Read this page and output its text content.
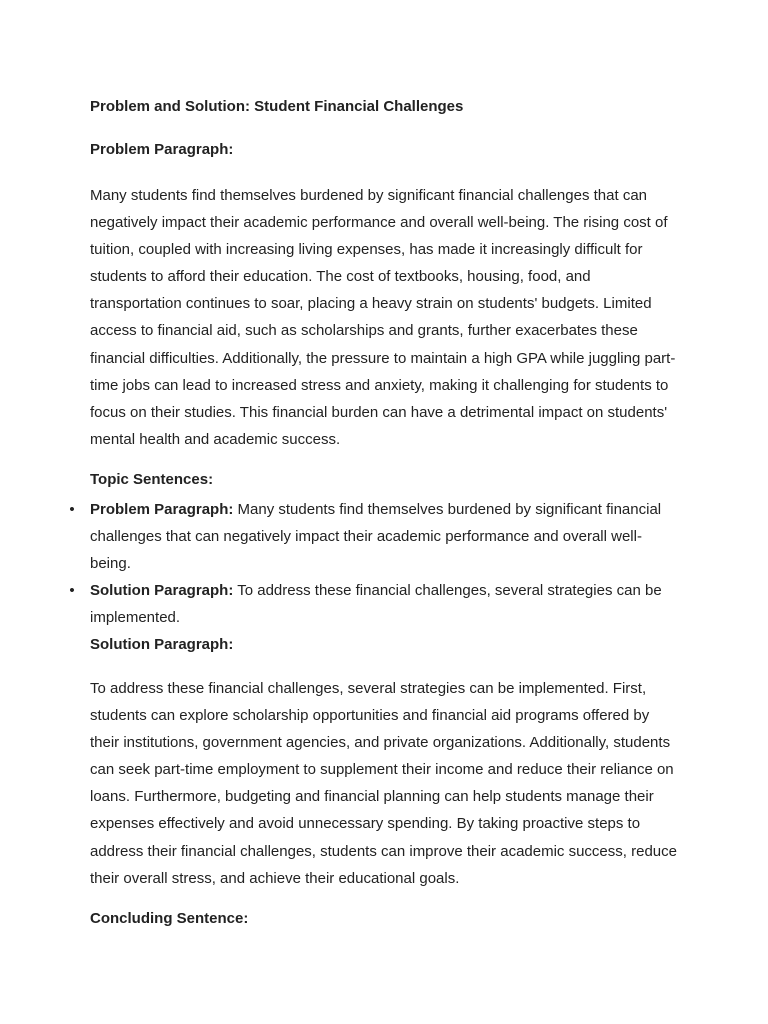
Problem and Solution: Student Financial Challenges
Problem Paragraph:

Many students find themselves burdened by significant financial challenges that can negatively impact their academic performance and overall well-being. The rising cost of tuition, coupled with increasing living expenses, has made it increasingly difficult for students to afford their education. The cost of textbooks, housing, food, and transportation continues to soar, placing a heavy strain on students' budgets. Limited access to financial aid, such as scholarships and grants, further exacerbates these financial difficulties. Additionally, the pressure to maintain a high GPA while juggling part-time jobs can lead to increased stress and anxiety, making it challenging for students to focus on their studies. This financial burden can have a detrimental impact on students' mental health and academic success.

Topic Sentences:
• Problem Paragraph: Many students find themselves burdened by significant financial challenges that can negatively impact their academic performance and overall well-being.
• Solution Paragraph: To address these financial challenges, several strategies can be implemented.
Solution Paragraph:

To address these financial challenges, several strategies can be implemented. First, students can explore scholarship opportunities and financial aid programs offered by their institutions, government agencies, and private organizations. Additionally, students can seek part-time employment to supplement their income and reduce their reliance on loans. Furthermore, budgeting and financial planning can help students manage their expenses effectively and avoid unnecessary spending. By taking proactive steps to address their financial challenges, students can improve their academic success, reduce their overall stress, and achieve their educational goals.

Concluding Sentence:
